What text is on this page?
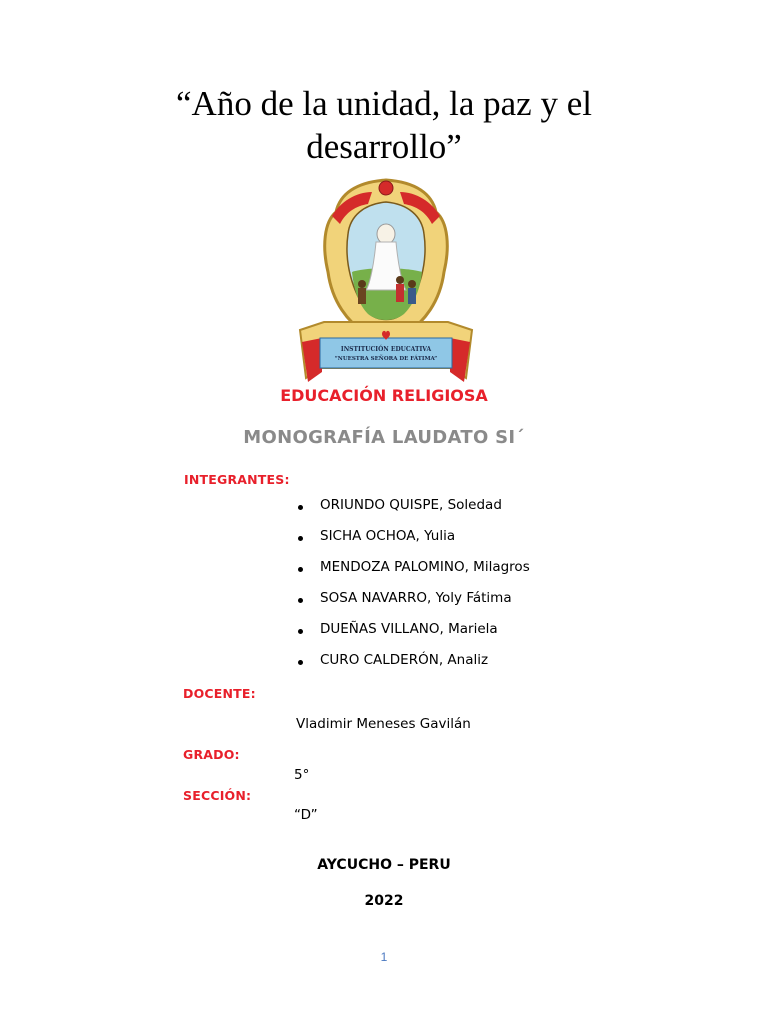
“Año de la unidad, la paz y el
desarrollo”
INSTITUCIÓN EDUCATIVA
“NUESTRA SEÑORA DE FÁTIMA”
EDUCACIÓN RELIGIOSA
MONOGRAFÍA LAUDATO SI´
INTEGRANTES:
ORIUNDO QUISPE, Soledad
SICHA OCHOA, Yulia
MENDOZA PALOMINO, Milagros
SOSA NAVARRO, Yoly Fátima
DUEÑAS VILLANO, Mariela
CURO CALDERÓN, Analiz
DOCENTE:
Vladimir Meneses Gavilán
GRADO:
5°
SECCIÓN:
“D”
AYCUCHO – PERU
2022
1
